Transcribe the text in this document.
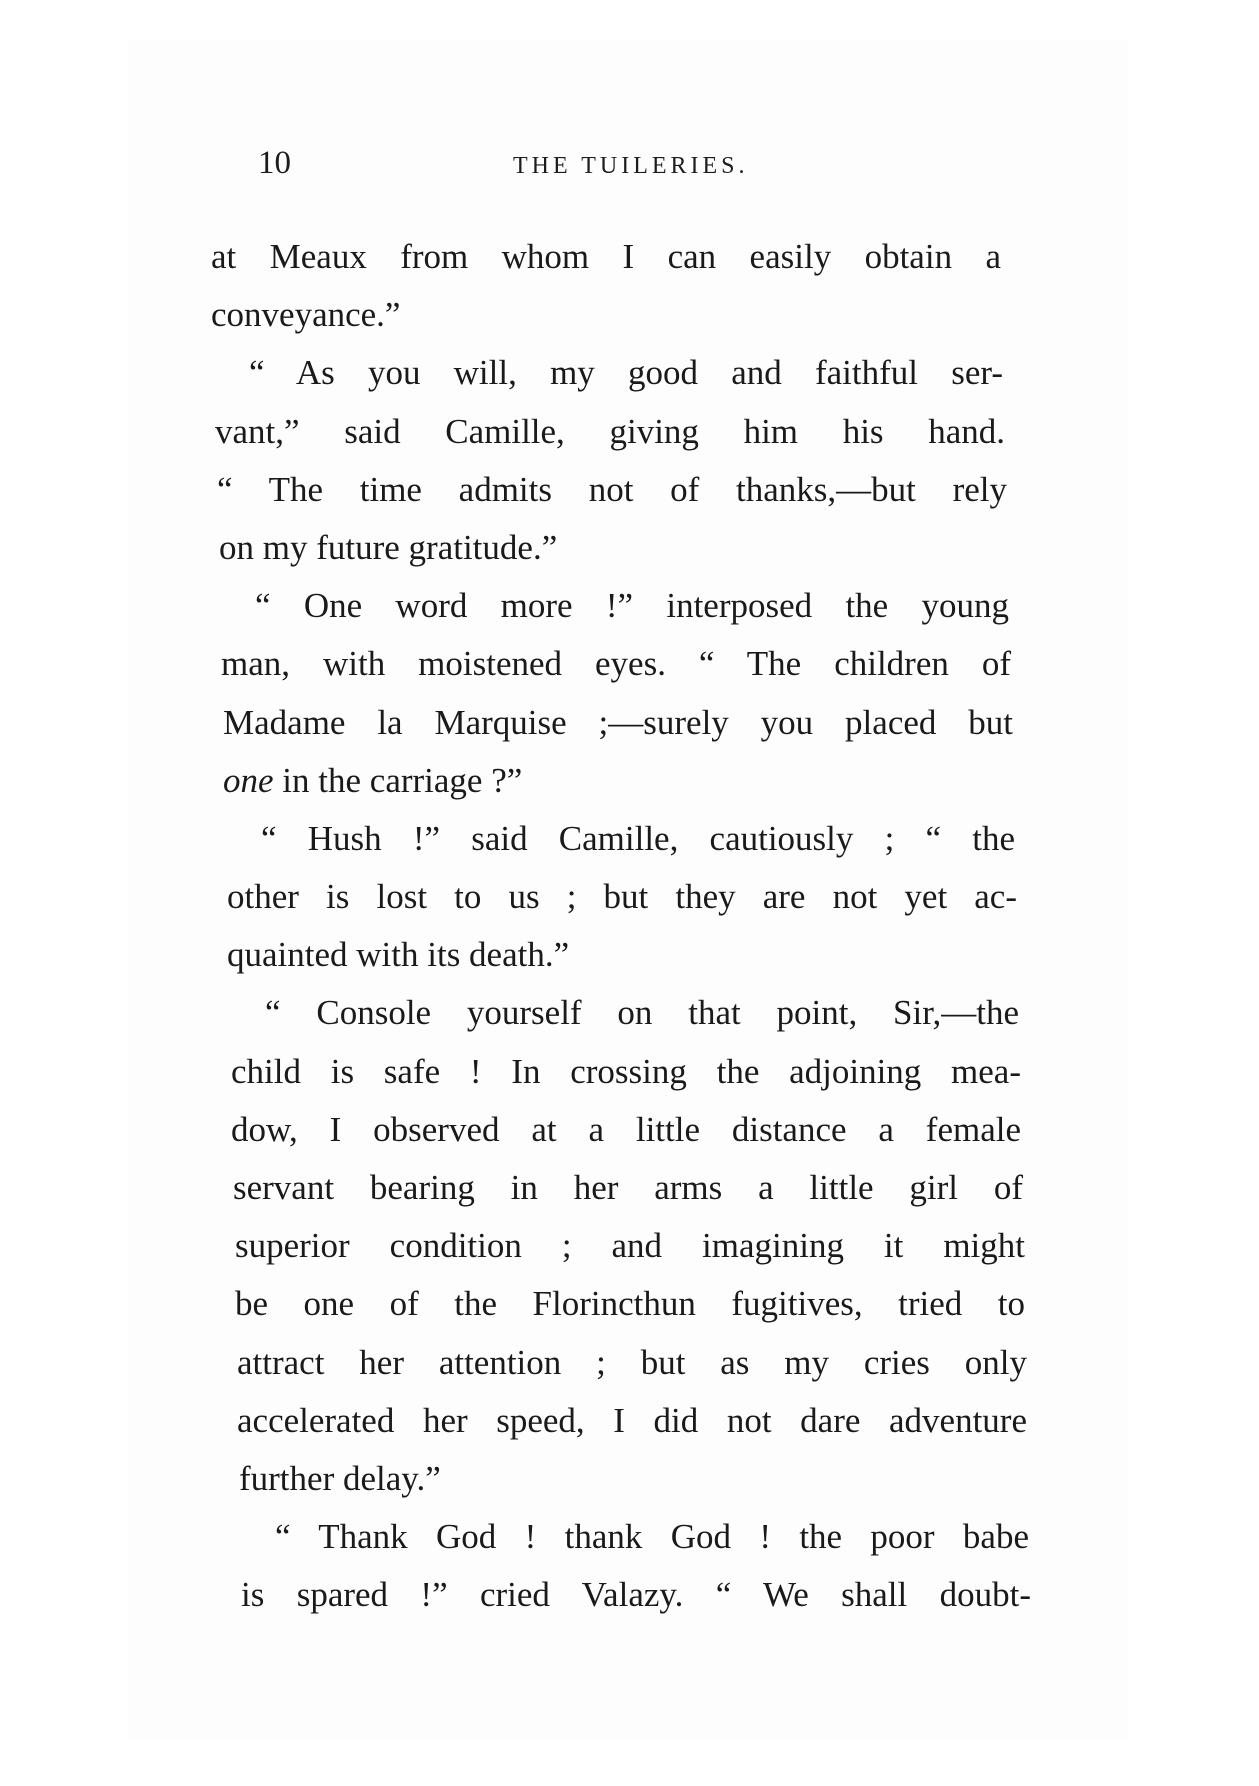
10	THE TUILERIES.
at Meaux from whom I can easily obtain a
conveyance.”
“ As you will, my good and faithful ser-
vant,” said Camille, giving him his hand.
“ The time admits not of thanks,—but rely
on my future gratitude.”
“ One word more !” interposed the young
man, with moistened eyes. “ The children of
Madame la Marquise ;—surely you placed but
one in the carriage ?”
“ Hush !” said Camille, cautiously ; “ the
other is lost to us ; but they are not yet ac-
quainted with its death.”
“ Console yourself on that point, Sir,—the
child is safe ! In crossing the adjoining mea-
dow, I observed at a little distance a female
servant bearing in her arms a little girl of
superior condition ; and imagining it might
be one of the Florincthun fugitives, tried to
attract her attention ; but as my cries only
accelerated her speed, I did not dare adventure
further delay.”
“ Thank God ! thank God ! the poor babe
is spared !” cried Valazy. “ We shall doubt-
